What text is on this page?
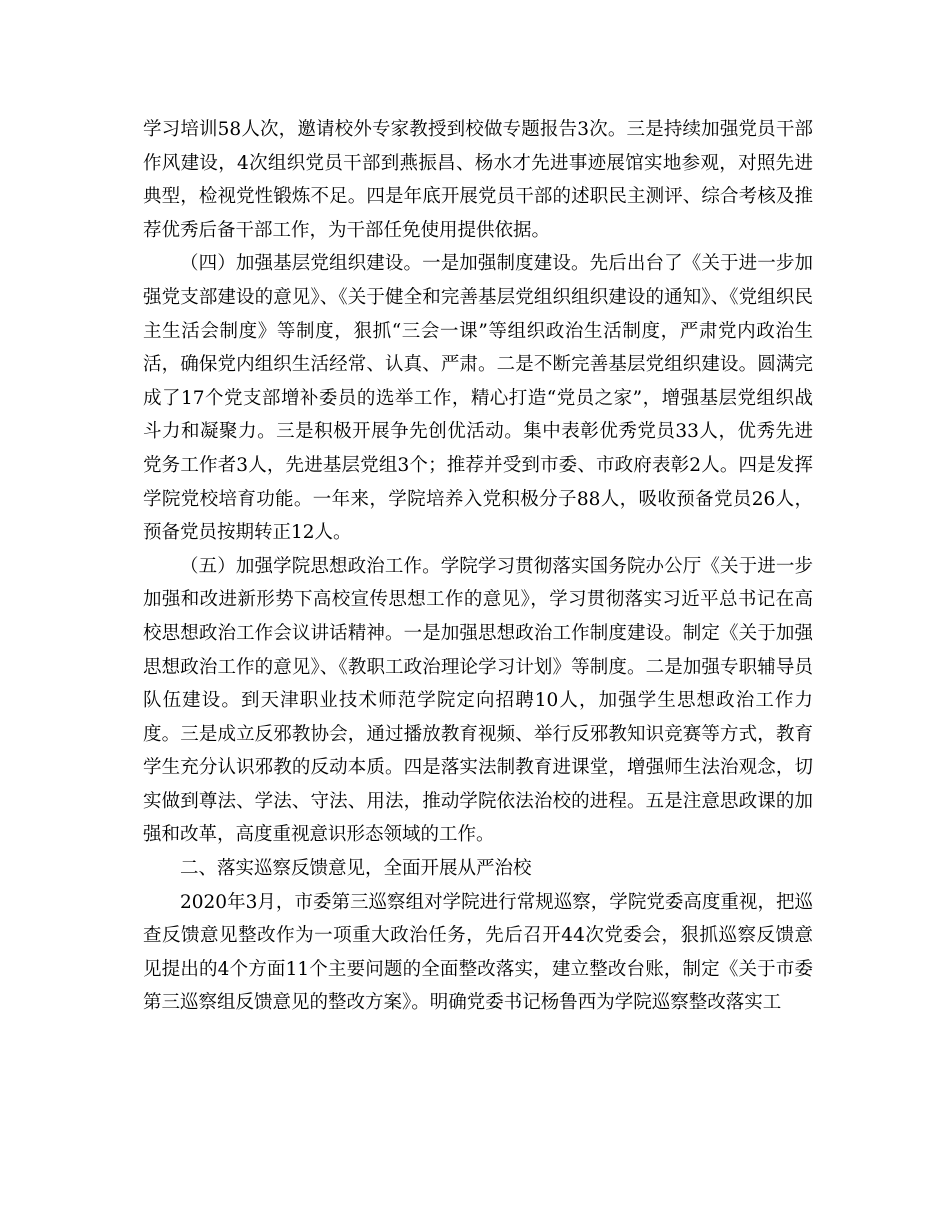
学习培训58人次，邀请校外专家教授到校做专题报告3次。三是持续加强党员干部作风建设，4次组织党员干部到燕振昌、杨水才先进事迹展馆实地参观，对照先进典型，检视党性锻炼不足。四是年底开展党员干部的述职民主测评、综合考核及推荐优秀后备干部工作，为干部任免使用提供依据。

（四）加强基层党组织建设。一是加强制度建设。先后出台了《关于进一步加强党支部建设的意见》、《关于健全和完善基层党组织组织建设的通知》、《党组织民主生活会制度》等制度，狠抓“三会一课”等组织政治生活制度，严肃党内政治生活，确保党内组织生活经常、认真、严肃。二是不断完善基层党组织建设。圆满完成了17个党支部增补委员的选举工作，精心打造“党员之家”，增强基层党组织战斗力和凝聚力。三是积极开展争先创优活动。集中表彰优秀党员33人，优秀先进党务工作者3人，先进基层党组3个；推荐并受到市委、市政府表彰2人。四是发挥学院党校培育功能。一年来，学院培养入党积极分子88人，吸收预备党员26人，预备党员按期转正12人。

（五）加强学院思想政治工作。学院学习贯彻落实国务院办公厅《关于进一步加强和改进新形势下高校宣传思想工作的意见》，学习贯彻落实习近平总书记在高校思想政治工作会议讲话精神。一是加强思想政治工作制度建设。制定《关于加强思想政治工作的意见》、《教职工政治理论学习计划》等制度。二是加强专职辅导员队伍建设。到天津职业技术师范学院定向招聘10人，加强学生思想政治工作力度。三是成立反邪教协会，通过播放教育视频、举行反邪教知识竞赛等方式，教育学生充分认识邪教的反动本质。四是落实法制教育进课堂，增强师生法治观念，切实做到尊法、学法、守法、用法，推动学院依法治校的进程。五是注意思政课的加强和改革，高度重视意识形态领域的工作。

二、落实巡察反馈意见，全面开展从严治校

2020年3月，市委第三巡察组对学院进行常规巡察，学院党委高度重视，把巡查反馈意见整改作为一项重大政治任务，先后召开44次党委会，狠抓巡察反馈意见提出的4个方面11个主要问题的全面整改落实，建立整改台账，制定《关于市委第三巡察组反馈意见的整改方案》。明确党委书记杨鲁西为学院巡察整改落实工
